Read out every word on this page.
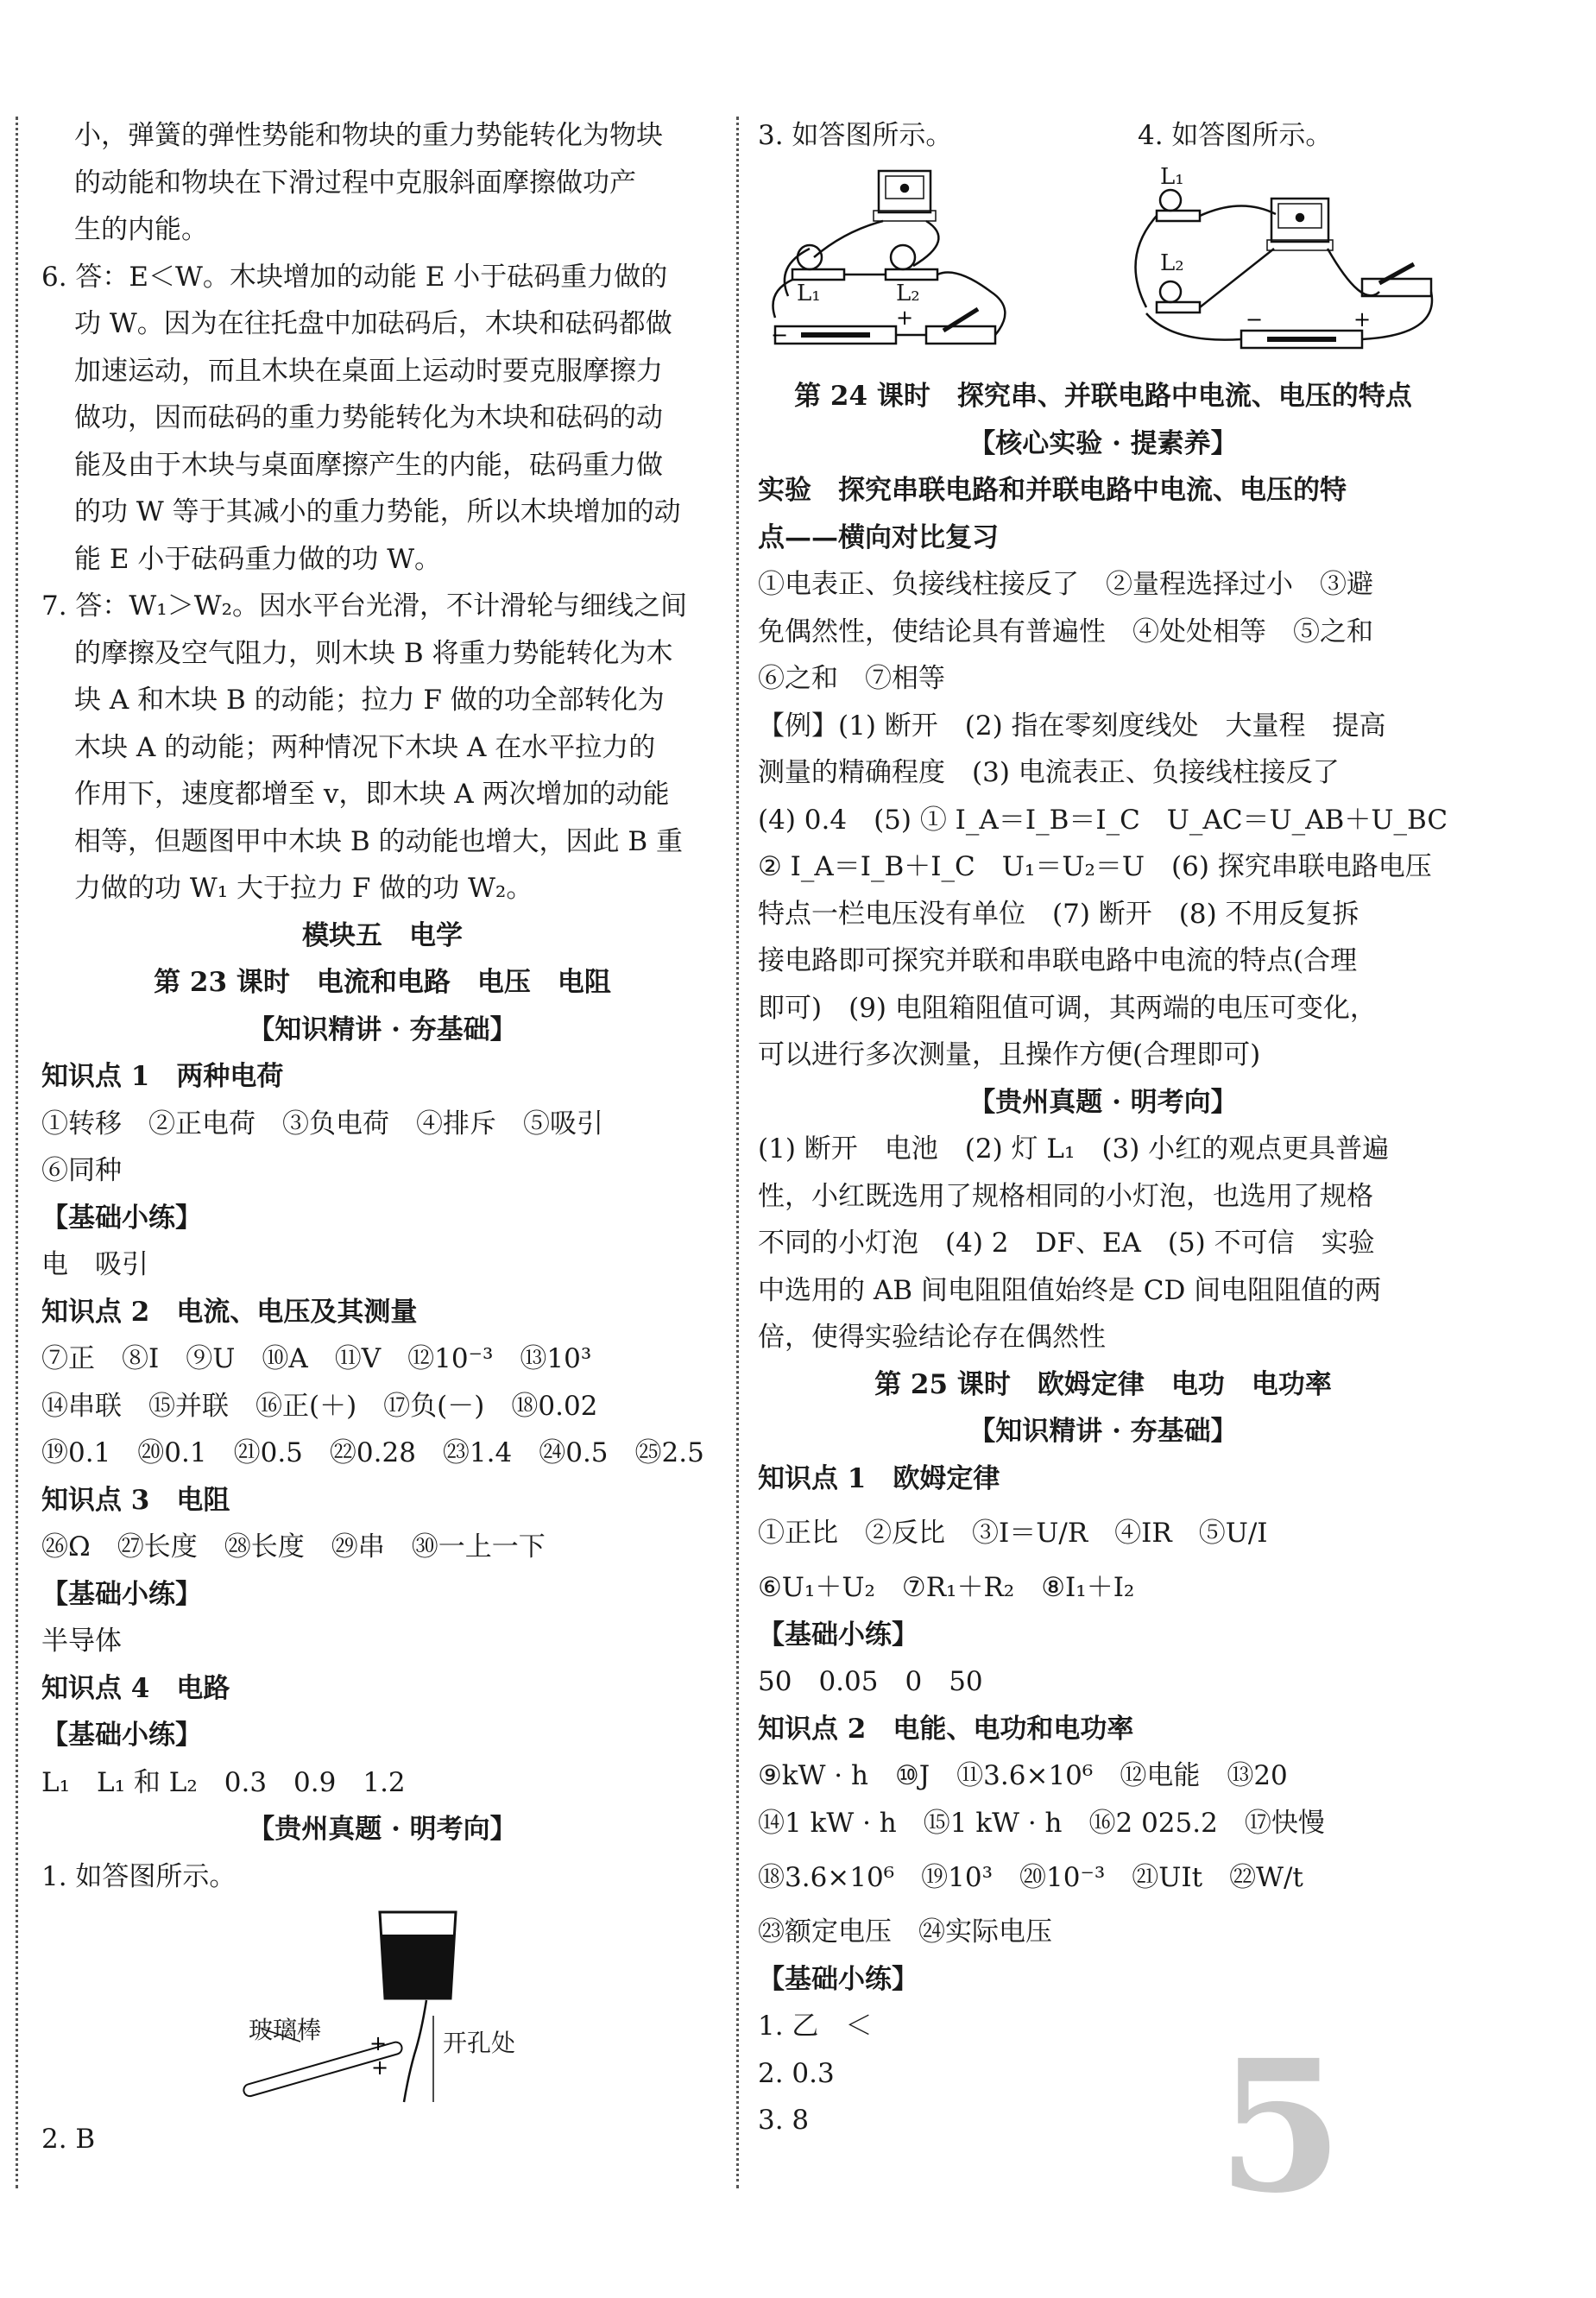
小，弹簧的弹性势能和物块的重力势能转化为物块

的动能和物块在下滑过程中克服斜面摩擦做功产

生的内能。

6. 答：E＜W。木块增加的动能 E 小于砝码重力做的

功 W。因为在往托盘中加砝码后，木块和砝码都做

加速运动，而且木块在桌面上运动时要克服摩擦力

做功，因而砝码的重力势能转化为木块和砝码的动

能及由于木块与桌面摩擦产生的内能，砝码重力做

的功 W 等于其减小的重力势能，所以木块增加的动

能 E 小于砝码重力做的功 W。

7. 答：W₁＞W₂。因水平台光滑，不计滑轮与细线之间

的摩擦及空气阻力，则木块 B 将重力势能转化为木

块 A 和木块 B 的动能；拉力 F 做的功全部转化为

木块 A 的动能；两种情况下木块 A 在水平拉力的

作用下，速度都增至 v，即木块 A 两次增加的动能

相等，但题图甲中木块 B 的动能也增大，因此 B 重

力做的功 W₁ 大于拉力 F 做的功 W₂。

模块五　电学

第 23 课时　电流和电路　电压　电阻

【知识精讲 · 夯基础】

知识点 1　两种电荷

①转移　②正电荷　③负电荷　④排斥　⑤吸引

⑥同种

【基础小练】

电　吸引

知识点 2　电流、电压及其测量

⑦正　⑧I　⑨U　⑩A　⑪V　⑫10⁻³　⑬10³

⑭串联　⑮并联　⑯正(＋)　⑰负(－)　⑱0.02

⑲0.1　⑳0.1　㉑0.5　㉒0.28　㉓1.4　㉔0.5　㉕2.5

知识点 3　电阻

㉖Ω　㉗长度　㉘长度　㉙串　㉚一上一下

【基础小练】

半导体

知识点 4　电路

【基础小练】

L₁　L₁ 和 L₂　0.3　0.9　1.2

【贵州真题 · 明考向】

1. 如答图所示。

+
+
玻璃棒	开孔处

2. B

3. 如答图所示。	4. 如答图所示。
−
+	−	+
L₁	L₂
L₁
L₂

第 24 课时　探究串、并联电路中电流、电压的特点

【核心实验 · 提素养】

实验　探究串联电路和并联电路中电流、电压的特

点——横向对比复习

①电表正、负接线柱接反了　②量程选择过小　③避

免偶然性，使结论具有普遍性　④处处相等　⑤之和

⑥之和　⑦相等

【例】(1) 断开　(2) 指在零刻度线处　大量程　提高

测量的精确程度　(3) 电流表正、负接线柱接反了

(4) 0.4　(5) ① I_A＝I_B＝I_C　U_AC＝U_AB＋U_BC

② I_A＝I_B＋I_C　U₁＝U₂＝U　(6) 探究串联电路电压

特点一栏电压没有单位　(7) 断开　(8) 不用反复拆

接电路即可探究并联和串联电路中电流的特点(合理

即可)　(9) 电阻箱阻值可调，其两端的电压可变化，

可以进行多次测量，且操作方便(合理即可)

【贵州真题 · 明考向】

(1) 断开　电池　(2) 灯 L₁　(3) 小红的观点更具普遍

性，小红既选用了规格相同的小灯泡，也选用了规格

不同的小灯泡　(4) 2　DF、EA　(5) 不可信　实验

中选用的 AB 间电阻阻值始终是 CD 间电阻阻值的两

倍，使得实验结论存在偶然性

第 25 课时　欧姆定律　电功　电功率

【知识精讲 · 夯基础】

知识点 1　欧姆定律

①正比　②反比　③I＝U/R　④IR　⑤U/I

⑥U₁＋U₂　⑦R₁＋R₂　⑧I₁＋I₂

【基础小练】

50　0.05　0　50

知识点 2　电能、电功和电功率

⑨kW · h　⑩J　⑪3.6×10⁶　⑫电能　⑬20

⑭1 kW · h　⑮1 kW · h　⑯2 025.2　⑰快慢

⑱3.6×10⁶　⑲10³　⑳10⁻³　㉑UIt　㉒W/t

㉓额定电压　㉔实际电压

【基础小练】

1. 乙　＜

2. 0.3

3. 8	5
